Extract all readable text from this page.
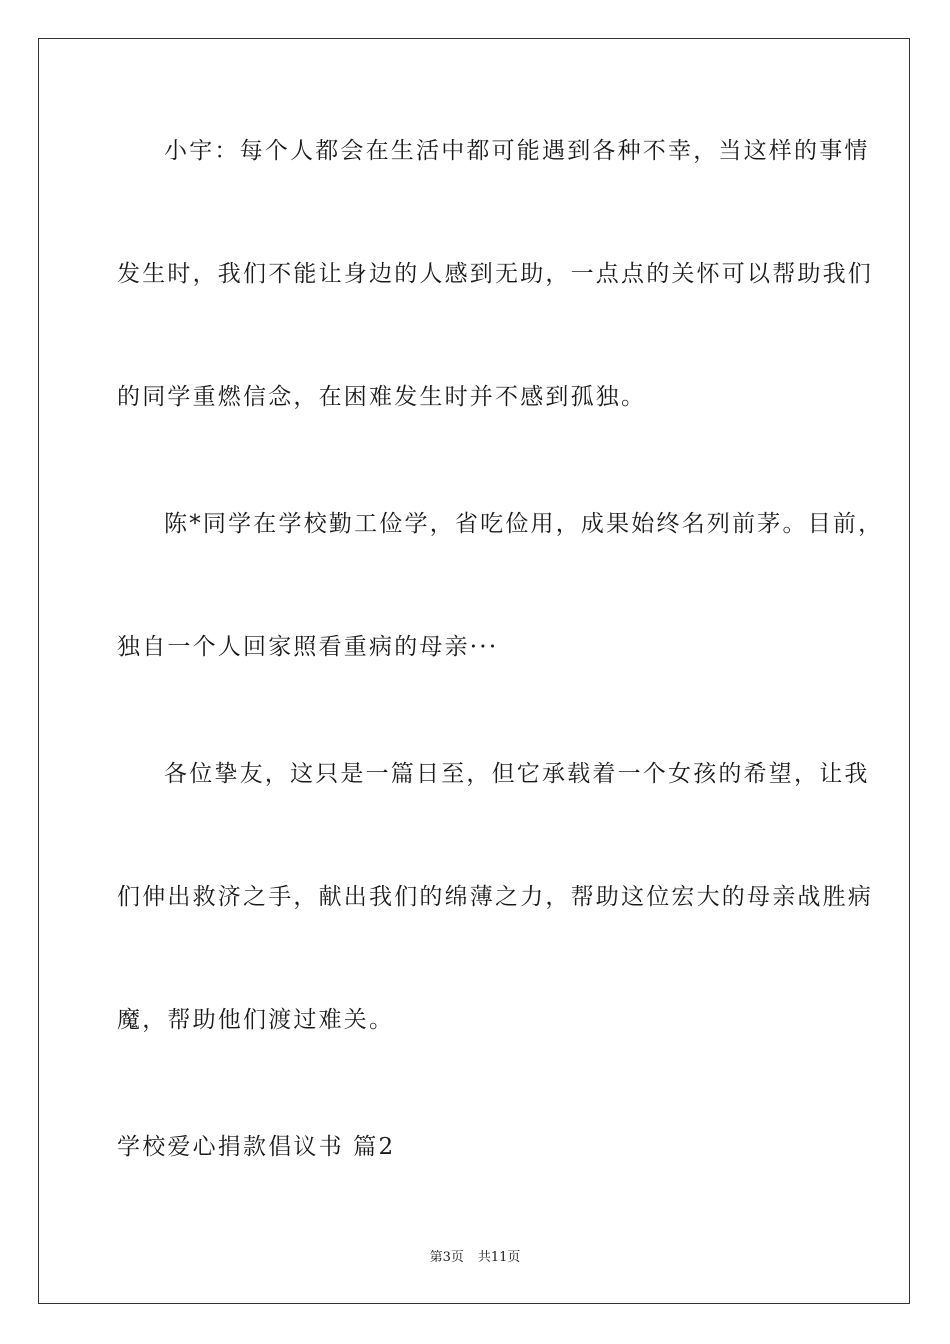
小宇：每个人都会在生活中都可能遇到各种不幸，当这样的事情
发生时，我们不能让身边的人感到无助，一点点的关怀可以帮助我们
的同学重燃信念，在困难发生时并不感到孤独。
陈*同学在学校勤工俭学，省吃俭用，成果始终名列前茅。目前，
独自一个人回家照看重病的母亲···
各位挚友，这只是一篇日至，但它承载着一个女孩的希望，让我
们伸出救济之手，献出我们的绵薄之力，帮助这位宏大的母亲战胜病
魔，帮助他们渡过难关。
学校爱心捐款倡议书 篇2
第3页 共11页
